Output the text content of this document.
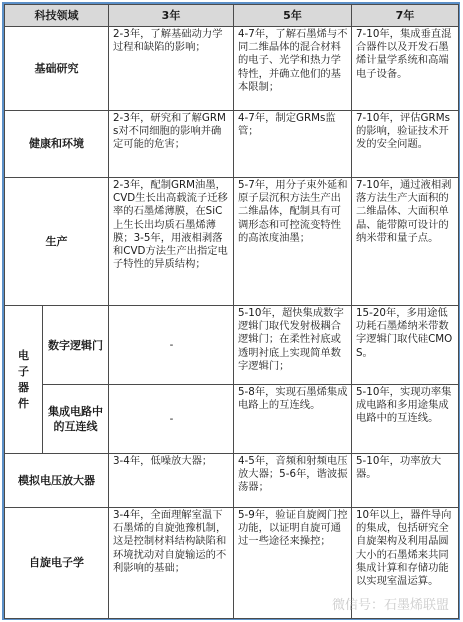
科技领域		3年	5年	7年
基础研究		2-3年，了解基础动力学过程和缺陷的影响；	4-7年，了解石墨烯与不同二维晶体的混合材料的电子、光学和热力学特性，并确立他们的基本限制；	7-10年，集成垂直混合器件以及开发石墨烯计量学系统和高端电子设备。
健康和环境		2-3年，研究和了解GRMs对不同细胞的影响并确定可能的危害；	4-7年，制定GRMs监管；	7-10年，评估GRMs的影响，验证技术开发的安全问题。
生产		2-3年，配制GRM油墨，CVD生长出高载流子迁移率的石墨烯薄膜，在SiC上生长出均质石墨烯薄膜；3-5年，用液相剥落和CVD方法生产出指定电子特性的异质结构；	5-7年，用分子束外延和原子层沉积方法生产出二维晶体，配制具有可调形态和可控流变特性的高浓度油墨；	7-10年，通过液相剥落方法生产大面积的二维晶体、大面积单晶、能带隙可设计的纳米带和量子点。
电子器件	数字逻辑门	-	5-10年，超快集成数字逻辑门取代发射极耦合逻辑门；在柔性衬底或透明衬底上实现简单数字逻辑门；	15-20年，多用途低功耗石墨烯纳米带数字逻辑门取代硅CMOS。
	集成电路中的互连线	-	5-8年，实现石墨烯集成电路上的互连线。	5-10年，实现功率集成电路和多用途集成电路中的互连线。
模拟电压放大器		3-4年，低噪放大器；	4-5年，音频和射频电压放大器；5-6年，谐波振荡器；	5-10年，功率放大器。
自旋电子学		3-4年，全面理解室温下石墨烯的自旋弛豫机制，这是控制材料结构缺陷和环境扰动对自旋输运的不利影响的基础；	5-9年，验证自旋阀门控功能，以证明自旋可通过一些途径来操控；	10年以上，器件导向的集成，包括研究全自旋架构及利用晶圆大小的石墨烯来共同集成计算和存储功能以实现室温运算。
微信号：石墨烯联盟
